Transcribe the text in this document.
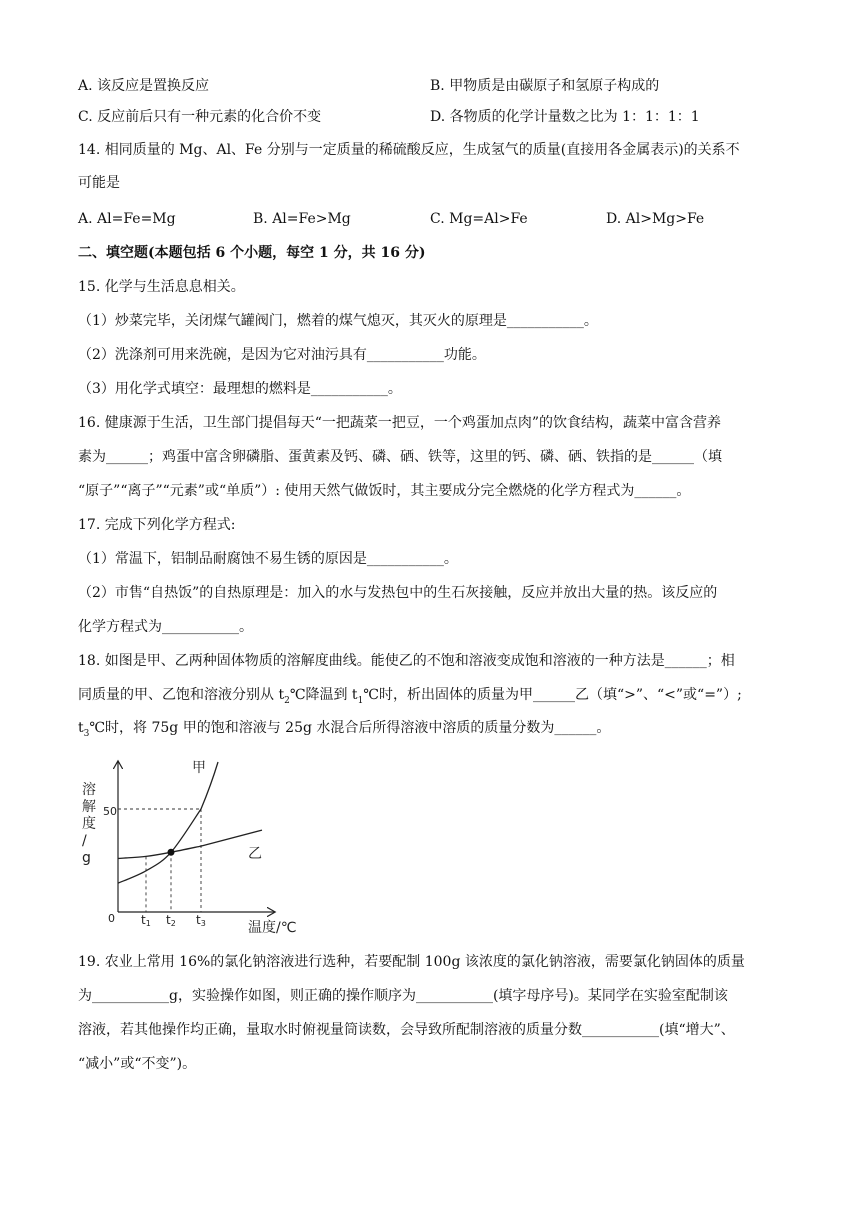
A. 该反应是置换反应	B. 甲物质是由碳原子和氢原子构成的
C. 反应前后只有一种元素的化合价不变	D. 各物质的化学计量数之比为 1：1：1：1
14. 相同质量的 Mg、Al、Fe 分别与一定质量的稀硫酸反应，生成氢气的质量(直接用各金属表示)的关系不
可能是
A. Al=Fe=Mg	B. Al=Fe>Mg	C. Mg=Al>Fe	D. Al>Mg>Fe
二、填空题(本题包括 6 个小题，每空 1 分，共 16 分)
15. 化学与生活息息相关。
（1）炒菜完毕，关闭煤气罐阀门，燃着的煤气熄灭，其灭火的原理是___________。
（2）洗涤剂可用来洗碗，是因为它对油污具有___________功能。
（3）用化学式填空：最理想的燃料是___________。
16. 健康源于生活，卫生部门提倡每天“一把蔬菜一把豆，一个鸡蛋加点肉”的饮食结构，蔬菜中富含营养
素为______；鸡蛋中富含卵磷脂、蛋黄素及钙、磷、硒、铁等，这里的钙、磷、硒、铁指的是______（填
“原子”“离子”“元素”或“单质”）: 使用天然气做饭时，其主要成分完全燃烧的化学方程式为______。
17. 完成下列化学方程式:
（1）常温下，铝制品耐腐蚀不易生锈的原因是___________。
（2）市售“自热饭”的自热原理是：加入的水与发热包中的生石灰接触，反应并放出大量的热。该反应的
化学方程式为___________。
18. 如图是甲、乙两种固体物质的溶解度曲线。能使乙的不饱和溶液变成饱和溶液的一种方法是______；相
同质量的甲、乙饱和溶液分别从 $t_2℃$降温到 $t_1℃$时，析出固体的质量为甲______乙（填“>”、“<”或“=”）;
$t_3℃$时，将 75g 甲的饱和溶液与 25g 水混合后所得溶液中溶质的质量分数为______。
溶解度/ g
温度/℃
0
50
t1 t2 t3
甲
乙
19. 农业上常用 16%的氯化钠溶液进行选种，若要配制 100g 该浓度的氯化钠溶液，需要氯化钠固体的质量
为___________g，实验操作如图，则正确的操作顺序为___________(填字母序号)。某同学在实验室配制该
溶液，若其他操作均正确，量取水时俯视量筒读数，会导致所配制溶液的质量分数___________(填“增大”、
“减小”或“不变”)。
